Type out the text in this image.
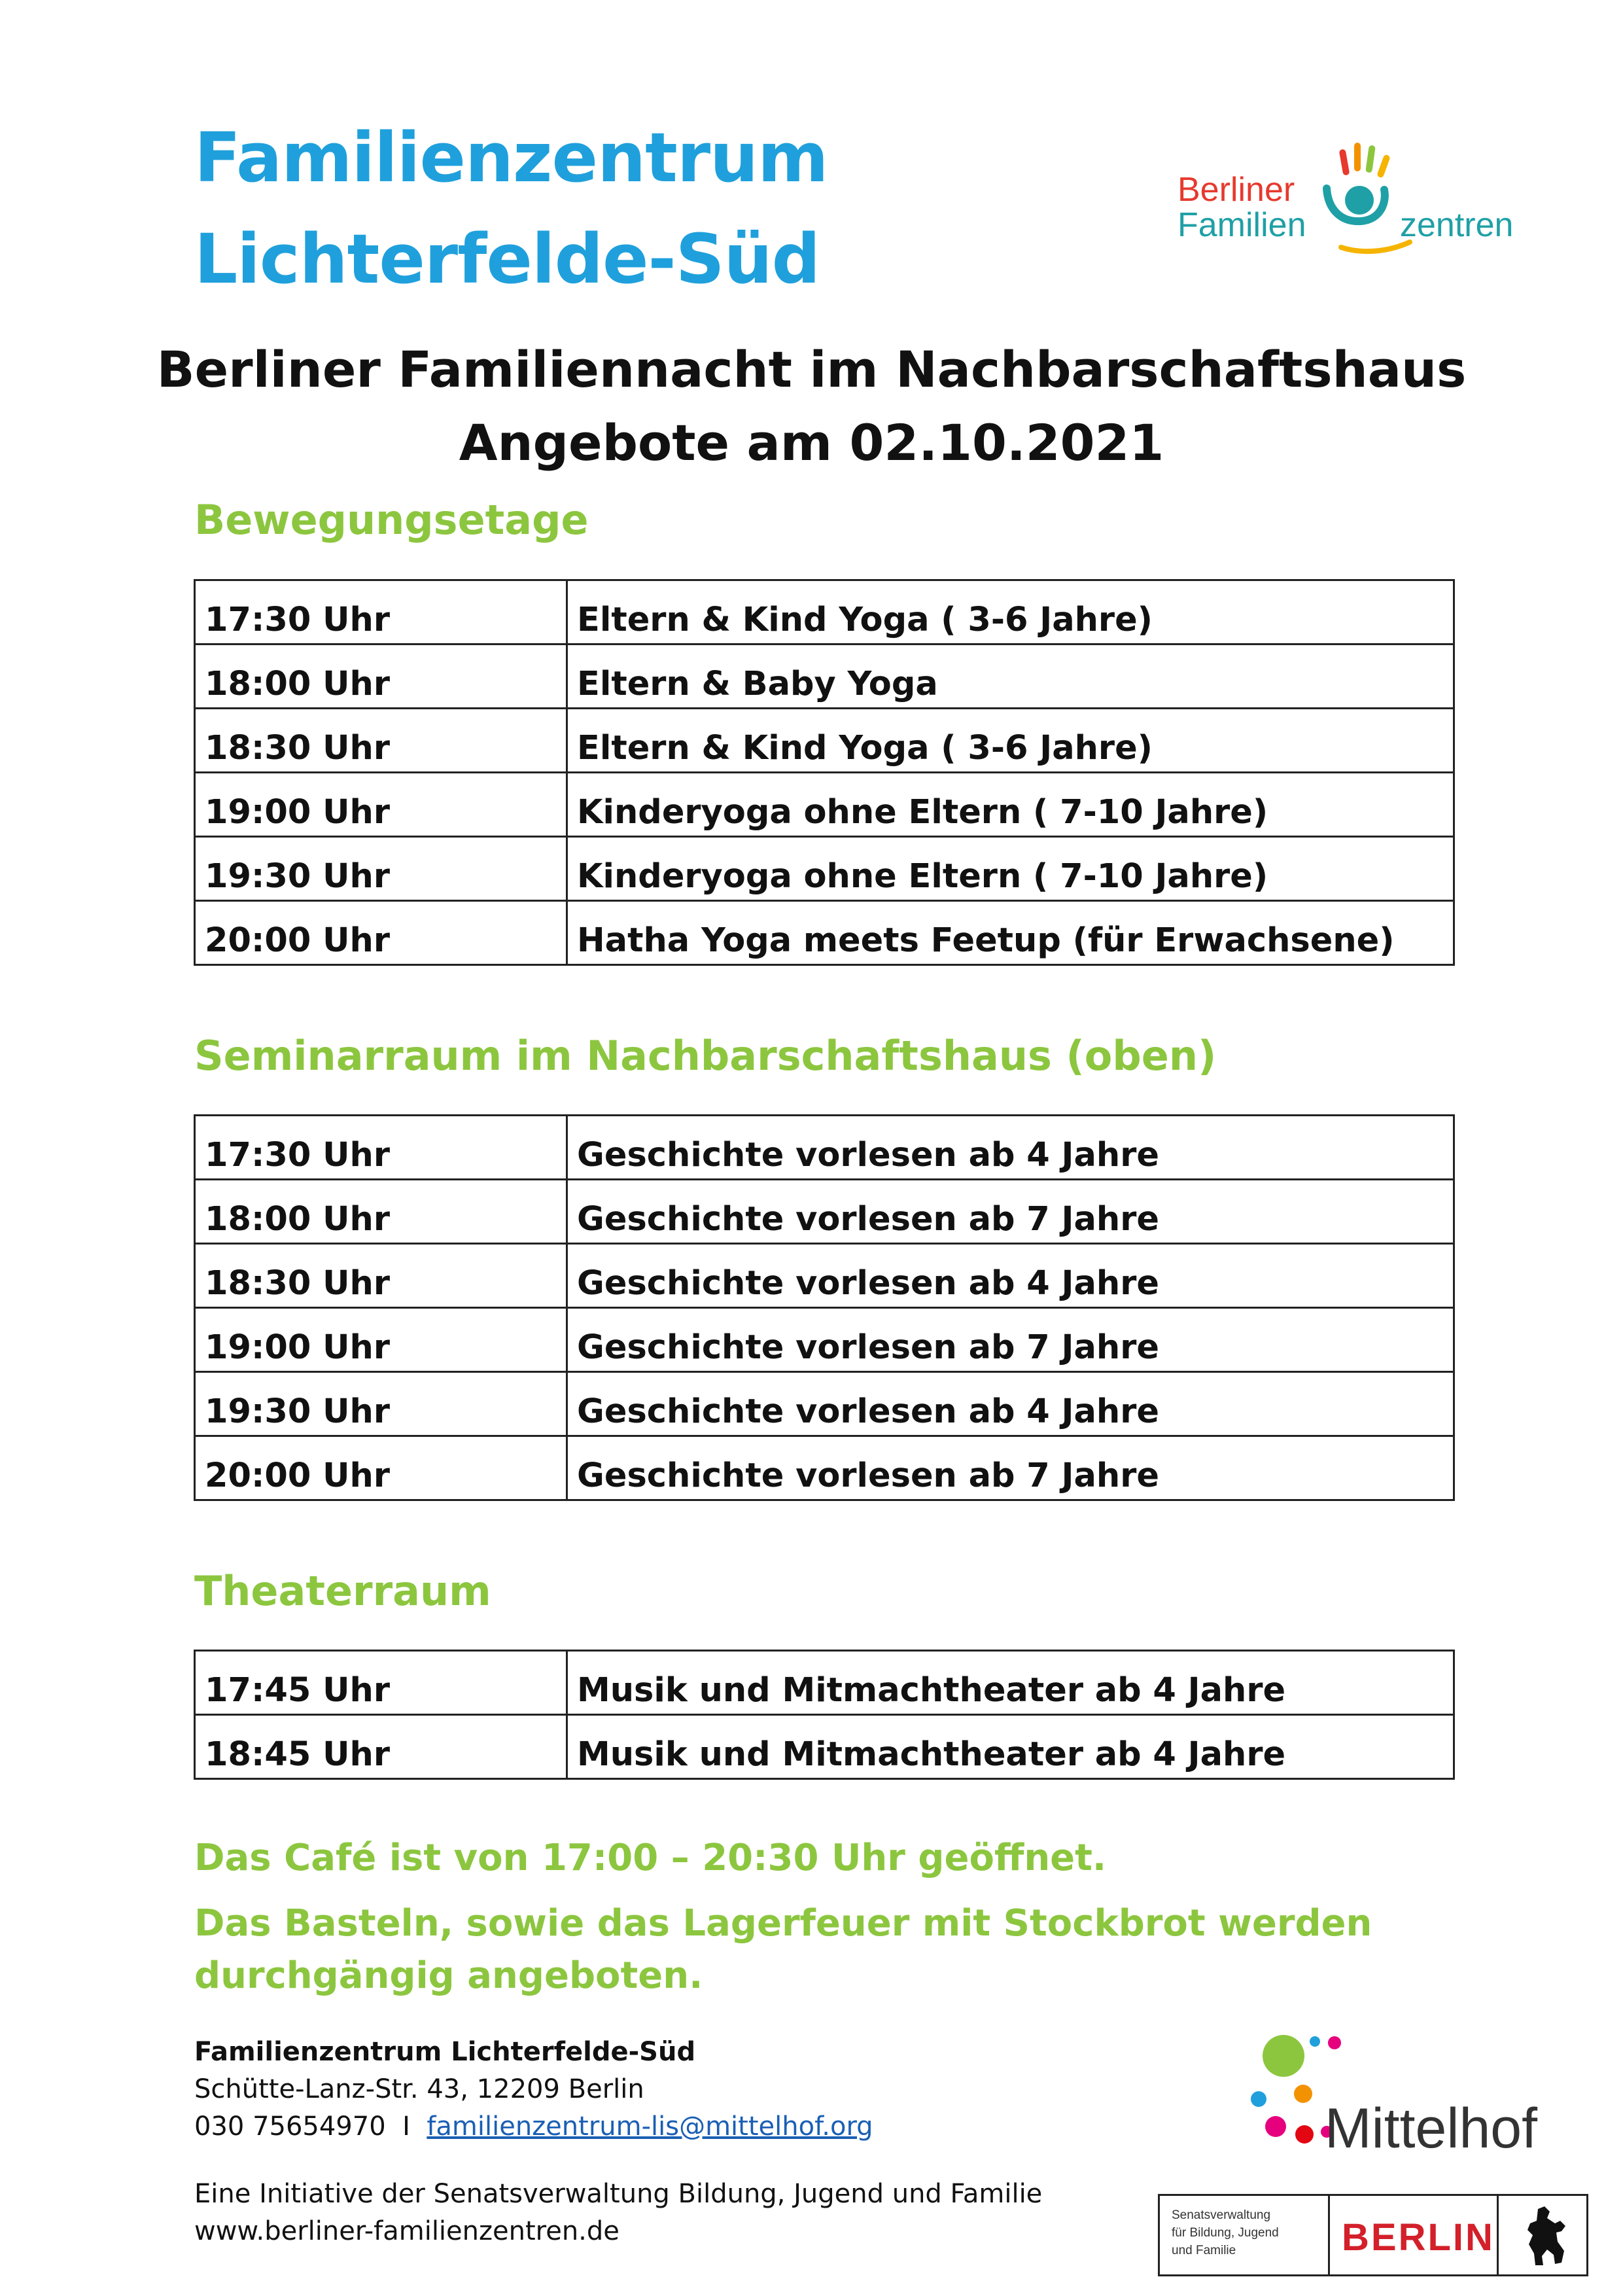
Familienzentrum
Lichterfelde-Süd
Berliner
Familien	zentren
Berliner Familiennacht im Nachbarschaftshaus
Angebote am 02.10.2021
Bewegungsetage
17:30 Uhr	Eltern & Kind Yoga ( 3-6 Jahre)
18:00 Uhr	Eltern & Baby Yoga
18:30 Uhr	Eltern & Kind Yoga ( 3-6 Jahre)
19:00 Uhr	Kinderyoga ohne Eltern ( 7-10 Jahre)
19:30 Uhr	Kinderyoga ohne Eltern ( 7-10 Jahre)
20:00 Uhr	Hatha Yoga meets Feetup (für Erwachsene)
Seminarraum im Nachbarschaftshaus (oben)
17:30 Uhr	Geschichte vorlesen ab 4 Jahre
18:00 Uhr	Geschichte vorlesen ab 7 Jahre
18:30 Uhr	Geschichte vorlesen ab 4 Jahre
19:00 Uhr	Geschichte vorlesen ab 7 Jahre
19:30 Uhr	Geschichte vorlesen ab 4 Jahre
20:00 Uhr	Geschichte vorlesen ab 7 Jahre
Theaterraum
17:45 Uhr	Musik und Mitmachtheater ab 4 Jahre
18:45 Uhr	Musik und Mitmachtheater ab 4 Jahre
Das Café ist von 17:00 – 20:30 Uhr geöffnet.
Das Basteln, sowie das Lagerfeuer mit Stockbrot werden
durchgängig angeboten.
Familienzentrum Lichterfelde-Süd
Schütte-Lanz-Str. 43, 12209 Berlin
030 75654970 I familienzentrum-lis@mittelhof.org
Eine Initiative der Senatsverwaltung Bildung, Jugend und Familie
www.berliner-familienzentren.de
Mittelhof
Senatsverwaltung
für Bildung, Jugend
und Familie	BERLIN
